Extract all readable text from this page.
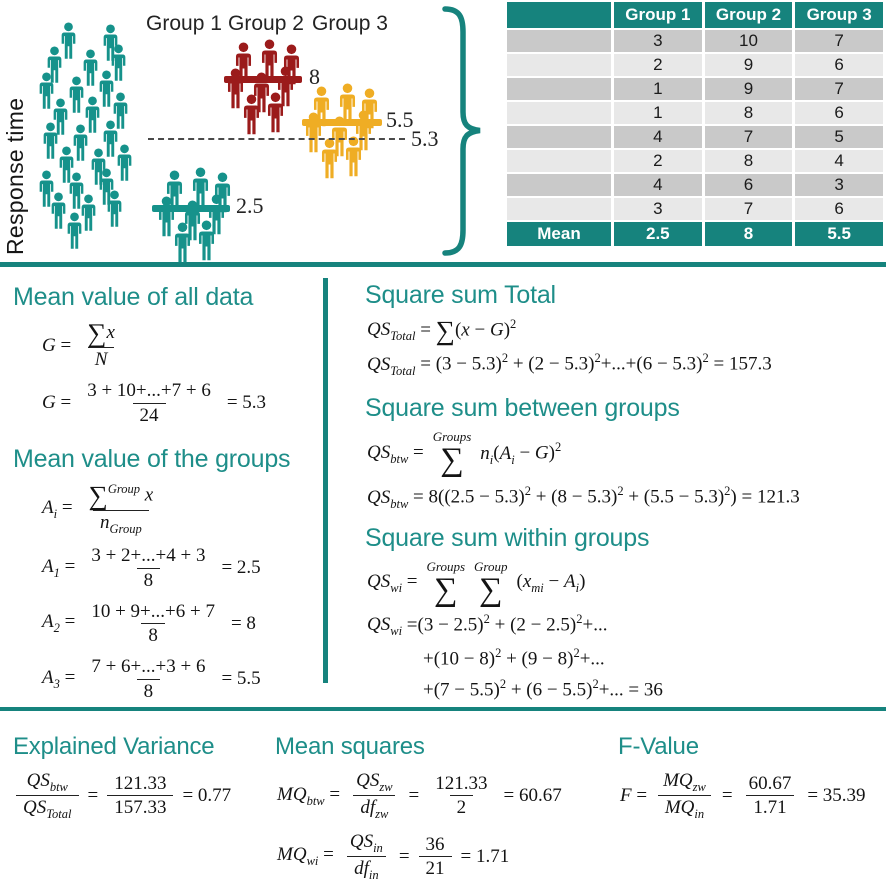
Response time
Group 1 Group 2 Group 3
5.3
2.5
8
5.5
	Group 1	Group 2	Group 3
	3	10	7
	2	9	6
	1	9	7
	1	8	6
	4	7	5
	2	8	4
	4	6	3
	3	7	6
Mean	2.5	8	5.5
Mean value of all data
$G = \frac{\sum x}{N}$
$G = \frac{3 + 10+...+7 + 6}{24} = 5.3$
Mean value of the groups
$A_i = \frac{\sum^{Group} x}{n_{Group}}$
$A_1 = \frac{3 + 2+...+4 + 3}{8} = 2.5$
$A_2 = \frac{10 + 9+...+6 + 7}{8} = 8$
$A_3 = \frac{7 + 6+...+3 + 6}{8} = 5.5$
Square sum Total
$QS_{Total} = \sum(x - G)^2$
$QS_{Total} = (3 - 5.3)^2 + (2 - 5.3)^2+...+(6 - 5.3)^2 = 157.3$
Square sum between groups
$QS_{btw}$ =
Groups
∑ $n_i(A_i - G)^2$
$QS_{btw} = 8((2.5 - 5.3)^2 + (8 - 5.3)^2 + (5.5 - 5.3)^2) = 121.3$
Square sum within groups
$QS_{wi}$ =
Groups
∑
Group
∑ $(x_{mi} - A_i)$
$QS_{wi} =(3 - 2.5)^2 + (2 - 2.5)^2+$...
$+(10 - 8)^2 + (9 - 8)^2+$...
$+(7 - 5.5)^2 + (6 - 5.5)^2+$... = 36
Explained Variance
$\frac{QS_{btw}}{QS_{Total}} = \frac{121.33}{157.33} = 0.77$
Mean squares
$MQ_{btw} = \frac{QS_{zw}}{df_{zw}} = \frac{121.33}{2} = 60.67$
$MQ_{wi} = \frac{QS_{in}}{df_{in}} = \frac{36}{21} = 1.71$
F-Value
$F = \frac{MQ_{zw}}{MQ_{in}} = \frac{60.67}{1.71} = 35.39$
